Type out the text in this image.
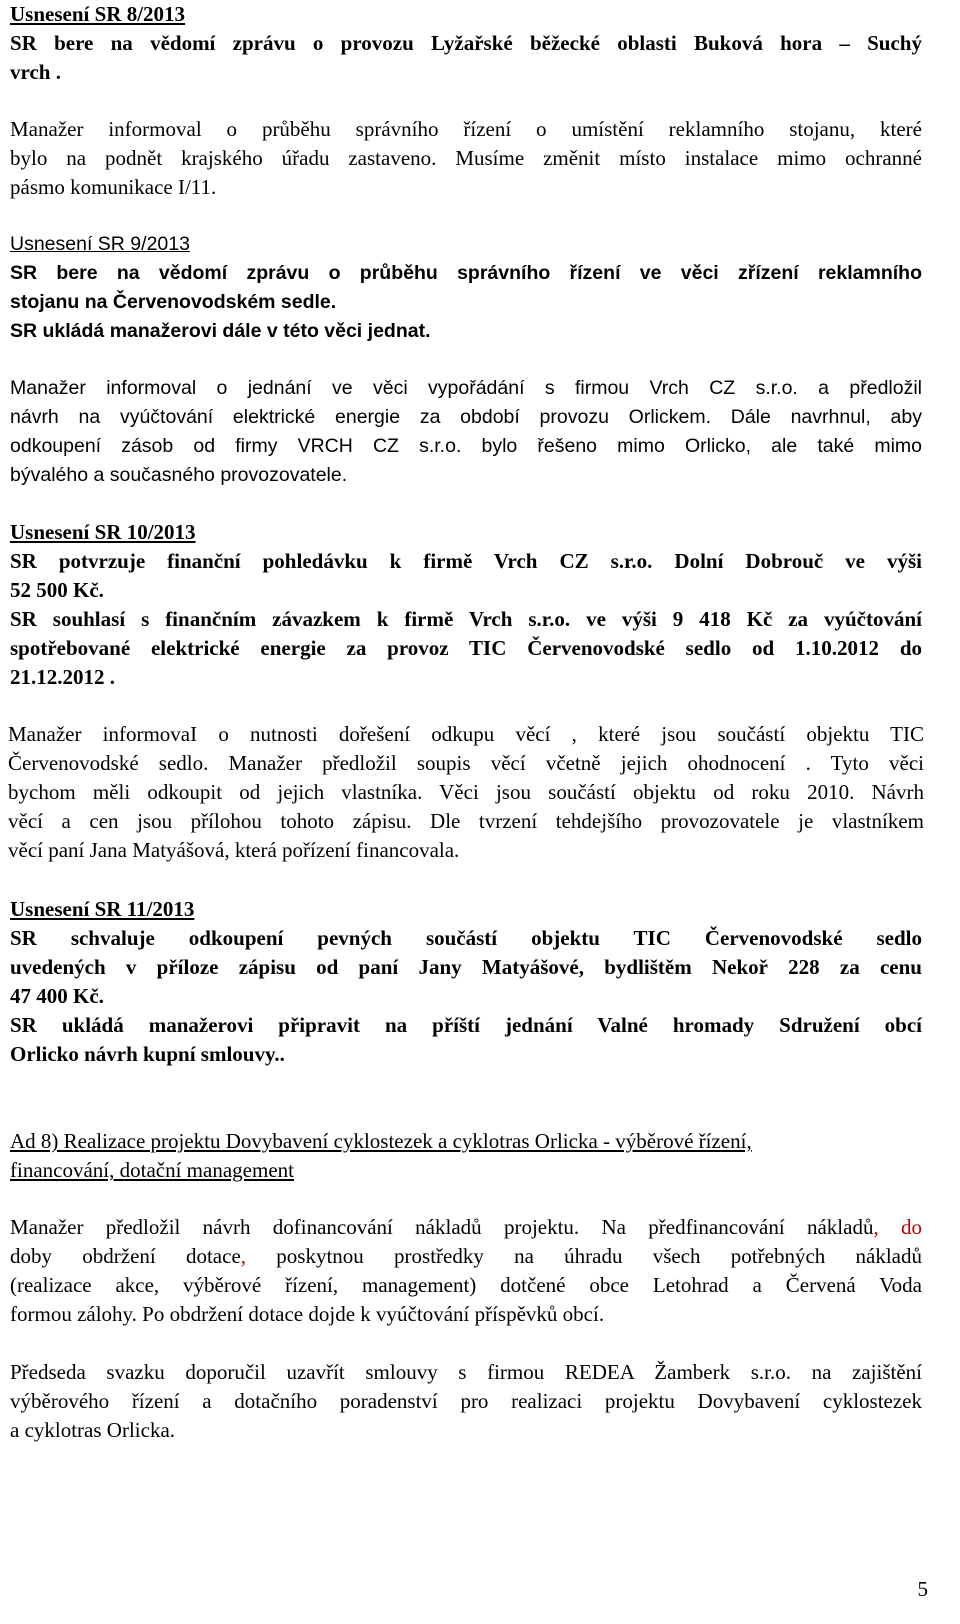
Usnesení SR 8/2013
SR bere na vědomí zprávu o provozu Lyžařské běžecké oblasti Buková hora – Suchý
vrch .
Manažer informoval o průběhu správního řízení o umístění reklamního stojanu, které
bylo na podnět krajského úřadu zastaveno. Musíme změnit místo instalace mimo ochranné
pásmo komunikace I/11.
Usnesení SR 9/2013
SR bere na vědomí zprávu o průběhu správního řízení ve věci zřízení reklamního
stojanu na Červenovodském sedle.
SR ukládá manažerovi dále v této věci jednat.
Manažer informoval o jednání ve věci vypořádání s firmou Vrch CZ s.r.o. a předložil
návrh na vyúčtování elektrické energie za období provozu Orlickem. Dále navrhnul, aby
odkoupení zásob od firmy VRCH CZ s.r.o. bylo řešeno mimo Orlicko, ale také mimo
bývalého a současného provozovatele.
Usnesení SR 10/2013
SR potvrzuje finanční pohledávku k firmě Vrch CZ s.r.o. Dolní Dobrouč ve výši
52 500 Kč.
SR souhlasí s finančním závazkem k firmě Vrch s.r.o. ve výši 9 418 Kč za vyúčtování
spotřebované elektrické energie za provoz TIC Červenovodské sedlo od 1.10.2012 do
21.12.2012 .
Manažer informovaI o nutnosti dořešení odkupu věcí , které jsou součástí objektu TIC
Červenovodské sedlo. Manažer předložil soupis věcí včetně jejich ohodnocení . Tyto věci
bychom měli odkoupit od jejich vlastníka. Věci jsou součástí objektu od roku 2010. Návrh
věcí a cen jsou přílohou tohoto zápisu. Dle tvrzení tehdejšího provozovatele je vlastníkem
věcí paní Jana Matyášová, která pořízení financovala.
Usnesení SR 11/2013
SR schvaluje odkoupení pevných součástí objektu TIC Červenovodské sedlo
uvedených v příloze zápisu od paní Jany Matyášové, bydlištěm Nekoř 228 za cenu
47 400 Kč.
SR ukládá manažerovi připravit na příští jednání Valné hromady Sdružení obcí
Orlicko návrh kupní smlouvy..
Ad 8) Realizace projektu Dovybavení cyklostezek a cyklotras Orlicka - výběrové řízení,
financování, dotační management
Manažer předložil návrh dofinancování nákladů projektu. Na předfinancování nákladů, do
doby obdržení dotace, poskytnou prostředky na úhradu všech potřebných nákladů
(realizace akce, výběrové řízení, management) dotčené obce Letohrad a Červená Voda
formou zálohy. Po obdržení dotace dojde k vyúčtování příspěvků obcí.
Předseda svazku doporučil uzavřít smlouvy s firmou REDEA Žamberk s.r.o. na zajištění
výběrového řízení a dotačního poradenství pro realizaci projektu Dovybavení cyklostezek
a cyklotras Orlicka.
5
